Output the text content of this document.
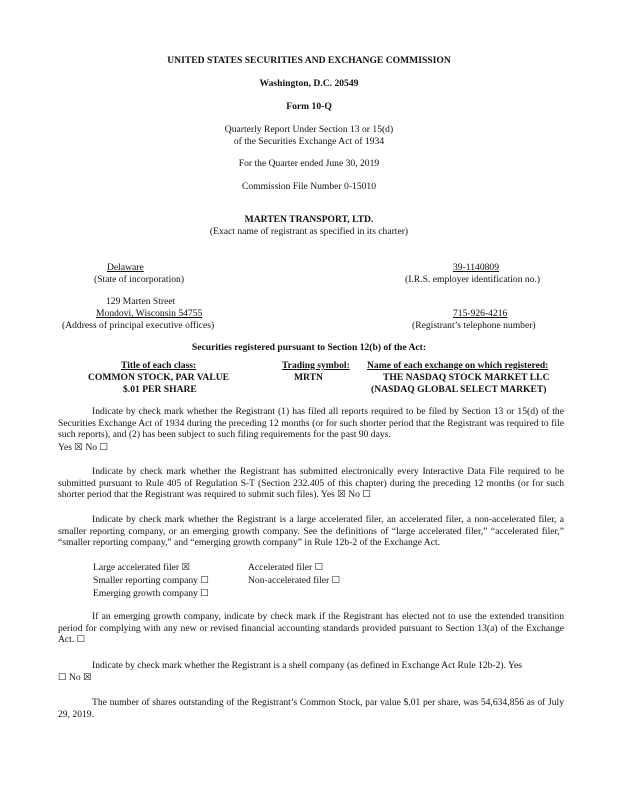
UNITED STATES SECURITIES AND EXCHANGE COMMISSION
Washington, D.C. 20549
Form 10-Q
Quarterly Report Under Section 13 or 15(d)
of the Securities Exchange Act of 1934
For the Quarter ended June 30, 2019
Commission File Number 0-15010
MARTEN TRANSPORT, LTD.
(Exact name of registrant as specified in its charter)
Delaware
(State of incorporation)
39-1140809
(I.R.S. employer identification no.)
129 Marten Street
Mondovi, Wisconsin 54755
(Address of principal executive offices)
715-926-4216
(Registrant’s telephone number)
Securities registered pursuant to Section 12(b) of the Act:
Title of each class:
COMMON STOCK, PAR VALUE
$.01 PER SHARE
Trading symbol:
MRTN
Name of each exchange on which registered:
THE NASDAQ STOCK MARKET LLC
(NASDAQ GLOBAL SELECT MARKET)
Indicate by check mark whether the Registrant (1) has filed all reports required to be filed by Section 13 or 15(d) of the Securities Exchange Act of 1934 during the preceding 12 months (or for such shorter period that the Registrant was required to file such reports), and (2) has been subject to such filing requirements for the past 90 days.
Yes ☒ No ☐
Indicate by check mark whether the Registrant has submitted electronically every Interactive Data File required to be submitted pursuant to Rule 405 of Regulation S-T (Section 232.405 of this chapter) during the preceding 12 months (or for such shorter period that the Registrant was required to submit such files). Yes ☒ No ☐
Indicate by check mark whether the Registrant is a large accelerated filer, an accelerated filer, a non-accelerated filer, a smaller reporting company, or an emerging growth company. See the definitions of “large accelerated filer,” “accelerated filer,” “smaller reporting company,” and “emerging growth company” in Rule 12b-2 of the Exchange Act.
Large accelerated filer ☒	Accelerated filer ☐
Smaller reporting company ☐	Non-accelerated filer ☐
Emerging growth company ☐
If an emerging growth company, indicate by check mark if the Registrant has elected not to use the extended transition period for complying with any new or revised financial accounting standards provided pursuant to Section 13(a) of the Exchange Act. ☐
Indicate by check mark whether the Registrant is a shell company (as defined in Exchange Act Rule 12b-2). Yes
☐ No ☒
The number of shares outstanding of the Registrant’s Common Stock, par value $.01 per share, was 54,634,856 as of July 29, 2019.
